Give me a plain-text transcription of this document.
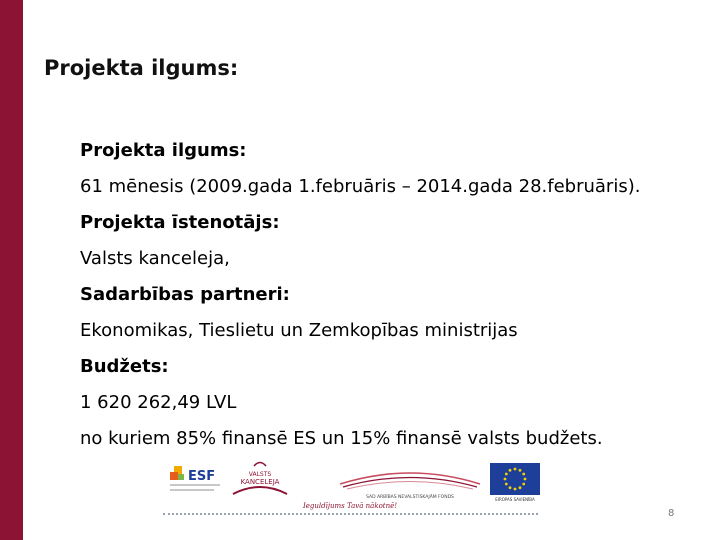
Projekta ilgums:
Projekta ilgums:
61 mēnesis (2009.gada 1.februāris – 2014.gada 28.februāris).
Projekta īstenotājs:
Valsts kanceleja,
Sadarbības partneri:
Ekonomikas, Tieslietu un Zemkopības ministrijas
Budžets:
1 620 262,49 LVL
no kuriem 85% finansē ES un 15% finansē valsts budžets.
ESF	VALSTS
KANCELEJA
SAD ARBĪBAS NEVALSTISKAJĀM FONDS	EIROPAS SAVIENĪBA
Ieguldījums Tavā nākotnē!
8
